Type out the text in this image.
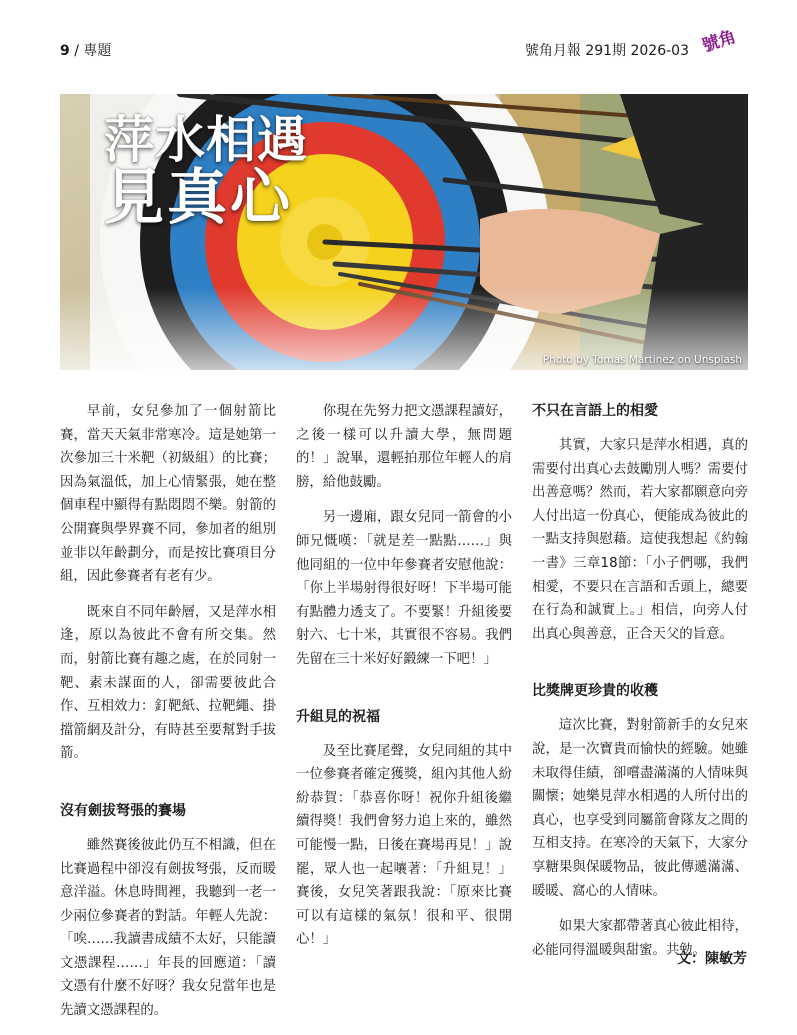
9 / 專題	號角月報 291期 2026-03 號角
萍水相遇
見真心
Photo by Tomas Martinez on Unsplash

早前，女兒參加了一個射箭比賽，當天天氣非常寒冷。這是她第一次參加三十米靶（初級組）的比賽；因為氣溫低，加上心情緊張，她在整個車程中顯得有點悶悶不樂。射箭的公開賽與學界賽不同，參加者的組別並非以年齡劃分，而是按比賽項目分組，因此參賽者有老有少。

既來自不同年齡層，又是萍水相逢，原以為彼此不會有所交集。然而，射箭比賽有趣之處，在於同射一靶、素未謀面的人，卻需要彼此合作、互相效力：釘靶紙、拉靶繩、掛擋箭網及計分，有時甚至要幫對手拔箭。

沒有劍拔弩張的賽場

雖然賽後彼此仍互不相識，但在比賽過程中卻沒有劍拔弩張，反而暖意洋溢。休息時間裡，我聽到一老一少兩位參賽者的對話。年輕人先說：「唉……我讀書成績不太好，只能讀文憑課程……」年長的回應道：「讀文憑有什麼不好呀？我女兒當年也是先讀文憑課程的。

你現在先努力把文憑課程讀好，之後一樣可以升讀大學，無問題的！」說畢，還輕拍那位年輕人的肩膀，給他鼓勵。

另一邊廂，跟女兒同一箭會的小師兄慨嘆：「就是差一點點……」與他同組的一位中年參賽者安慰他說：「你上半場射得很好呀！下半場可能有點體力透支了。不要緊！升組後要射六、七十米，其實很不容易。我們先留在三十米好好鍛練一下吧！」

升組見的祝福

及至比賽尾聲，女兒同組的其中一位參賽者確定獲獎，組內其他人紛紛恭賀：「恭喜你呀！祝你升組後繼續得獎！我們會努力追上來的，雖然可能慢一點，日後在賽場再見！」說罷，眾人也一起嚷著：「升組見！」賽後，女兒笑著跟我說：「原來比賽可以有這樣的氣氛！很和平、很開心！」

不只在言語上的相愛

其實，大家只是萍水相遇，真的需要付出真心去鼓勵別人嗎？需要付出善意嗎？然而，若大家都願意向旁人付出這一份真心，便能成為彼此的一點支持與慰藉。這使我想起《約翰一書》三章18節：「小子們哪，我們相愛，不要只在言語和舌頭上，總要在行為和誠實上。」相信，向旁人付出真心與善意，正合天父的旨意。

比獎牌更珍貴的收穫

這次比賽，對射箭新手的女兒來說，是一次寶貴而愉快的經驗。她雖未取得佳績，卻嚐盡滿滿的人情味與關懷；她樂見萍水相遇的人所付出的真心，也享受到同屬箭會隊友之間的互相支持。在寒冷的天氣下，大家分享糖果與保暖物品，彼此傳遞滿滿、暖暖、窩心的人情味。

如果大家都帶著真心彼此相待，必能同得溫暖與甜蜜。共勉。

文：陳敏芳
